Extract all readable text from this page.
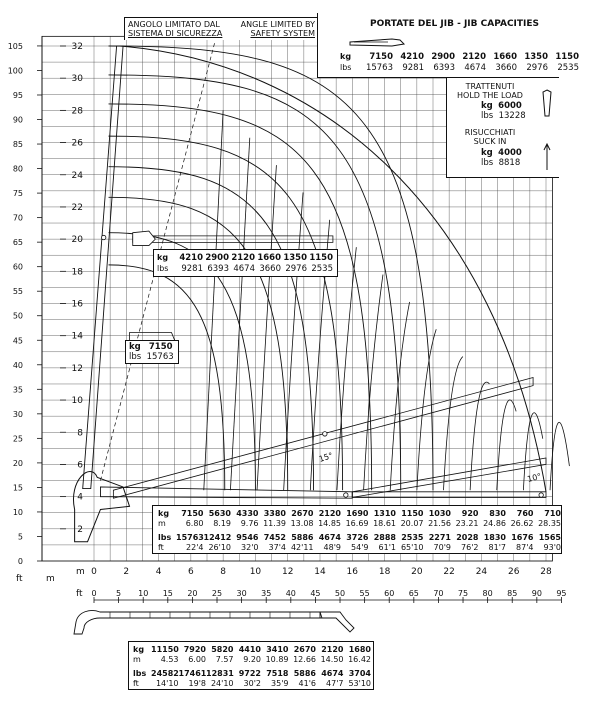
0
5
10
15
20
25
30
35
40
45
50
55
60
65
70
75
80
85
90
95
100
105
2
4
6
8
10
12
14
16
18
20
22
24
26
28
30
32
ft	m
m 0	2	4	6	8	10 12 14 16 18 20 22 24 26 28
ft 0 5 10 15 20 25 30 35 40 45 50 55 60 65 70 75 80 85 90 95
15°
10°
ANGOLO LIMITATO DAL
SISTEMA DI SICUREZZA
ANGLE LIMITED BY
SAFETY SYSTEM
PORTATE DEL JIB - JIB CAPACITIES
kg	7150 4210 2900 2120 1660 1350 1150
lbs	15763	9281	6393	4674	3660	2976	2535
TRATTENUTI
HOLD THE LOAD
kg 6000
lbs 13228
RISUCCHIATI
SUCK IN
kg 4000
lbs 8818
kg	4210 2900 2120 1660 1350 1150
lbs	9281 6393 4674 3660 2976 2535
kg 7150
lbs 15763
kg	7150 5630 4330 3380 2670 2120 1690 1310 1150 1030	920	830	760	710
m	6.80	8.19	9.76 11.39 13.08 14.85 16.69 18.61 20.07 21.56 23.21 24.86 26.62 28.35
lbs 15763 12412 9546 7452 5886 4674 3726 2888 2535 2271 2028 1830 1676 1565
ft	22'4 26'10	32'0	37'4 42'11	48'9	54'9	61'1 65'10	70'9	76'2	81'7	87'4	93'0
kg 11150 7920 5820 4410 3410 2670 2120 1680
m	4.53	6.00	7.57	9.20 10.89 12.66 14.50 16.42
lbs 24582 17461 12831 9722 7518 5886 4674 3704
ft	14'10	19'8 24'10	30'2	35'9	41'6	47'7 53'10
